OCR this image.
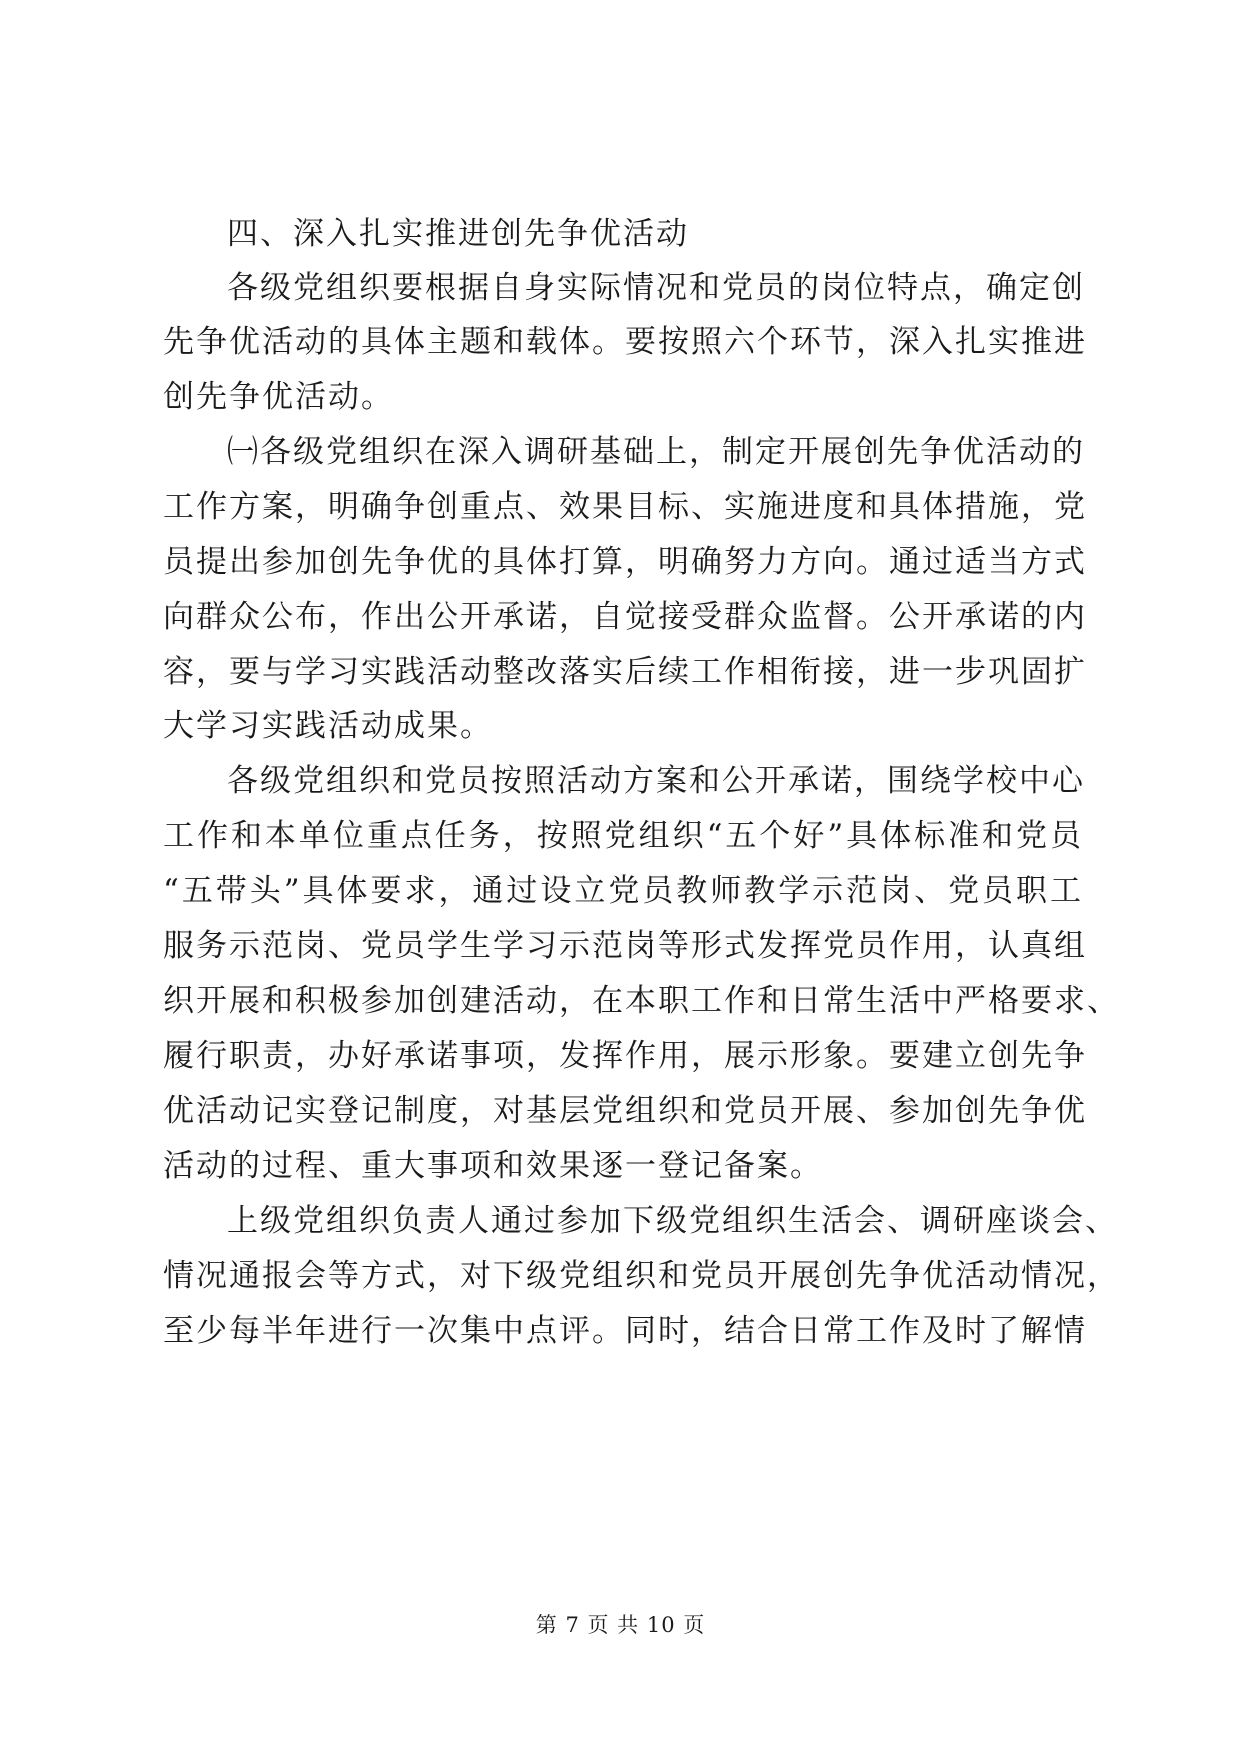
四、深入扎实推进创先争优活动
各级党组织要根据自身实际情况和党员的岗位特点，确定创
先争优活动的具体主题和载体。要按照六个环节，深入扎实推进
创先争优活动。
㈠各级党组织在深入调研基础上，制定开展创先争优活动的
工作方案，明确争创重点、效果目标、实施进度和具体措施，党
员提出参加创先争优的具体打算，明确努力方向。通过适当方式
向群众公布，作出公开承诺，自觉接受群众监督。公开承诺的内
容，要与学习实践活动整改落实后续工作相衔接，进一步巩固扩
大学习实践活动成果。
各级党组织和党员按照活动方案和公开承诺，围绕学校中心
工作和本单位重点任务，按照党组织“五个好”具体标准和党员
“五带头”具体要求，通过设立党员教师教学示范岗、党员职工
服务示范岗、党员学生学习示范岗等形式发挥党员作用，认真组
织开展和积极参加创建活动，在本职工作和日常生活中严格要求、
履行职责，办好承诺事项，发挥作用，展示形象。要建立创先争
优活动记实登记制度，对基层党组织和党员开展、参加创先争优
活动的过程、重大事项和效果逐一登记备案。
上级党组织负责人通过参加下级党组织生活会、调研座谈会、
情况通报会等方式，对下级党组织和党员开展创先争优活动情况，
至少每半年进行一次集中点评。同时，结合日常工作及时了解情
第 7 页 共 10 页
